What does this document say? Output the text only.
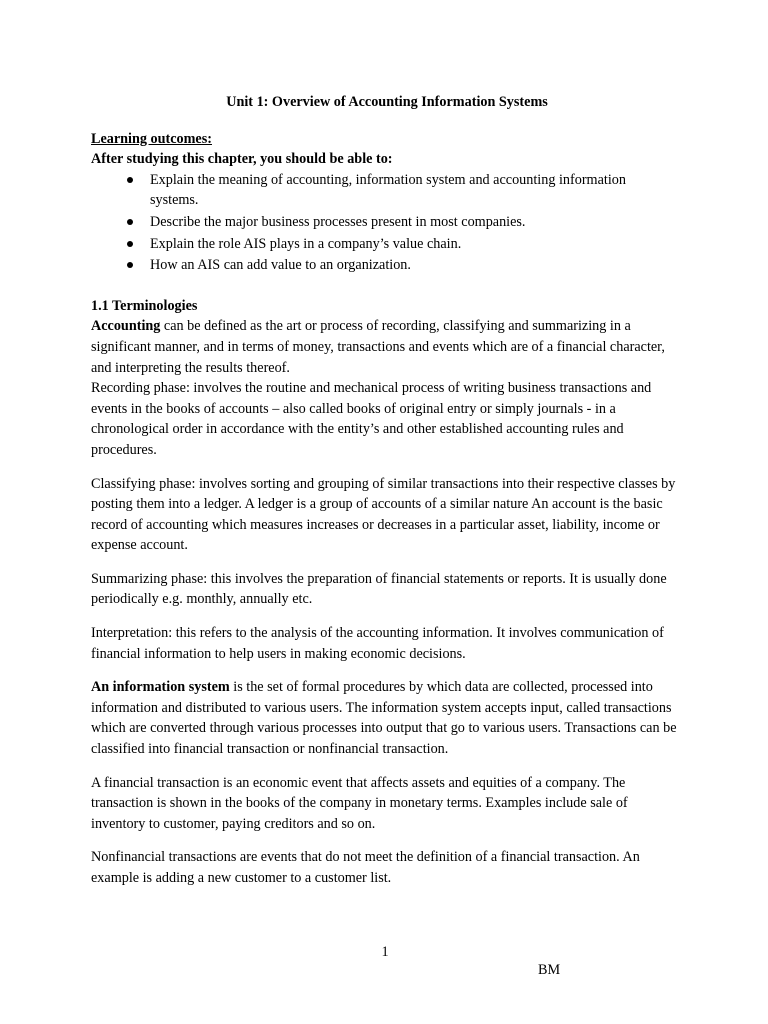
Unit 1: Overview of Accounting Information Systems
Learning outcomes:
After studying this chapter, you should be able to:
Explain the meaning of accounting, information system and accounting information systems.
Describe the major business processes present in most companies.
Explain the role AIS plays in a company’s value chain.
How an AIS can add value to an organization.
1.1 Terminologies

Accounting can be defined as the art or process of recording, classifying and summarizing in a significant manner, and in terms of money, transactions and events which are of a financial character, and interpreting the results thereof.

Recording phase: involves the routine and mechanical process of writing business transactions and events in the books of accounts – also called books of original entry or simply journals - in a chronological order in accordance with the entity’s and other established accounting rules and procedures.

Classifying phase: involves sorting and grouping of similar transactions into their respective classes by posting them into a ledger. A ledger is a group of accounts of a similar nature An account is the basic record of accounting which measures increases or decreases in a particular asset, liability, income or expense account.

Summarizing phase: this involves the preparation of financial statements or reports. It is usually done periodically e.g. monthly, annually etc.

Interpretation: this refers to the analysis of the accounting information. It involves communication of financial information to help users in making economic decisions.

An information system is the set of formal procedures by which data are collected, processed into information and distributed to various users. The information system accepts input, called transactions which are converted through various processes into output that go to various users. Transactions can be classified into financial transaction or nonfinancial transaction.

A financial transaction is an economic event that affects assets and equities of a company. The transaction is shown in the books of the company in monetary terms. Examples include sale of inventory to customer, paying creditors and so on.

Nonfinancial transactions are events that do not meet the definition of a financial transaction. An example is adding a new customer to a customer list.

1
BM
